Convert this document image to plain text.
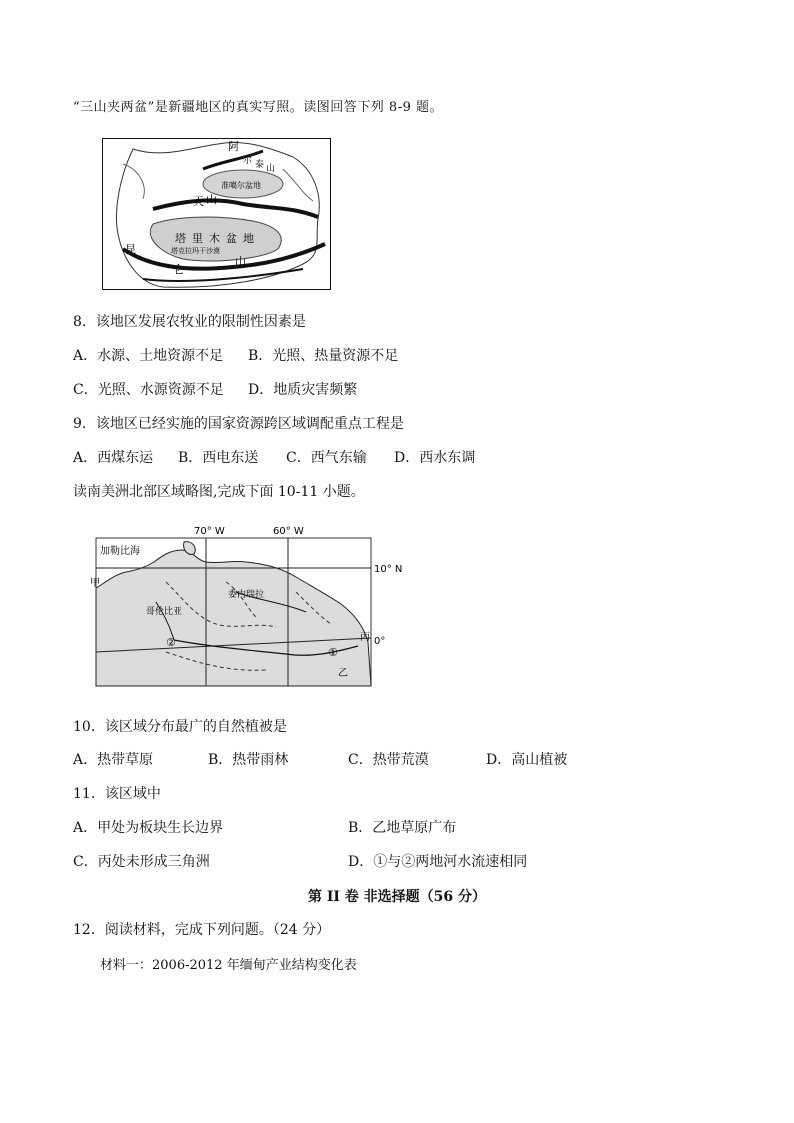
“三山夹两盆”是新疆地区的真实写照。读图回答下列 8-9 题。
阿
尔 泰 山
准噶尔盆地
天 山
塔 里 木 盆 地
塔克拉玛干沙漠
昆
仑
山
8．该地区发展农牧业的限制性因素是
A．水源、土地资源不足 B．光照、热量资源不足
C．光照、水源资源不足 D．地质灾害频繁
9．该地区已经实施的国家资源跨区域调配重点工程是
A．西煤东运 B．西电东送 C．西气东输 D．西水东调
读南美洲北部区域略图,完成下面 10-11 小题。
70° W	60° W
10° N
0°
加勒比海
哥伦比亚
委内瑞拉
甲
乙
丙
①
②
10．该区域分布最广的自然植被是
A．热带草原	B．热带雨林	C．热带荒漠	D．高山植被
11．该区域中
A．甲处为板块生长边界	B．乙地草原广布
C．丙处未形成三角洲	D．①与②两地河水流速相同
第 II 卷 非选择题（56 分）
12．阅读材料，完成下列问题。（24 分）
材料一：2006-2012 年缅甸产业结构变化表
